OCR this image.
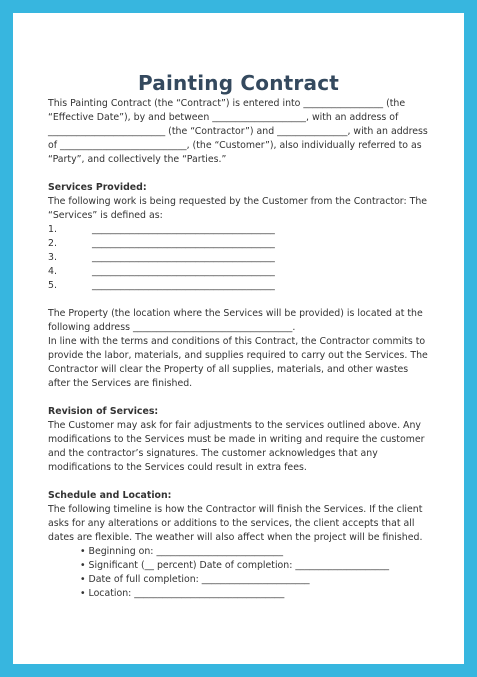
Painting Contract

This Painting Contract (the “Contract”) is entered into _________________ (the “Effective Date”), by and between ____________________, with an address of _________________________ (the “Contractor”) and _______________, with an address of ___________________________, (the “Customer”), also individually referred to as “Party”, and collectively the “Parties.”

Services Provided:

The following work is being requested by the Customer from the Contractor: The “Services” is defined as:

1.	_______________________________________
2.	_______________________________________
3.	_______________________________________
4.	_______________________________________
5.	_______________________________________

The Property (the location where the Services will be provided) is located at the following address __________________________________.

In line with the terms and conditions of this Contract, the Contractor commits to provide the labor, materials, and supplies required to carry out the Services. The Contractor will clear the Property of all supplies, materials, and other wastes after the Services are finished.

Revision of Services:

The Customer may ask for fair adjustments to the services outlined above. Any modifications to the Services must be made in writing and require the customer and the contractor’s signatures. The customer acknowledges that any modifications to the Services could result in extra fees.

Schedule and Location:

The following timeline is how the Contractor will finish the Services. If the client asks for any alterations or additions to the services, the client accepts that all dates are flexible. The weather will also affect when the project will be finished.

• Beginning on: ___________________________

• Significant (__ percent) Date of completion: ____________________

• Date of full completion: _______________________

• Location: ________________________________
